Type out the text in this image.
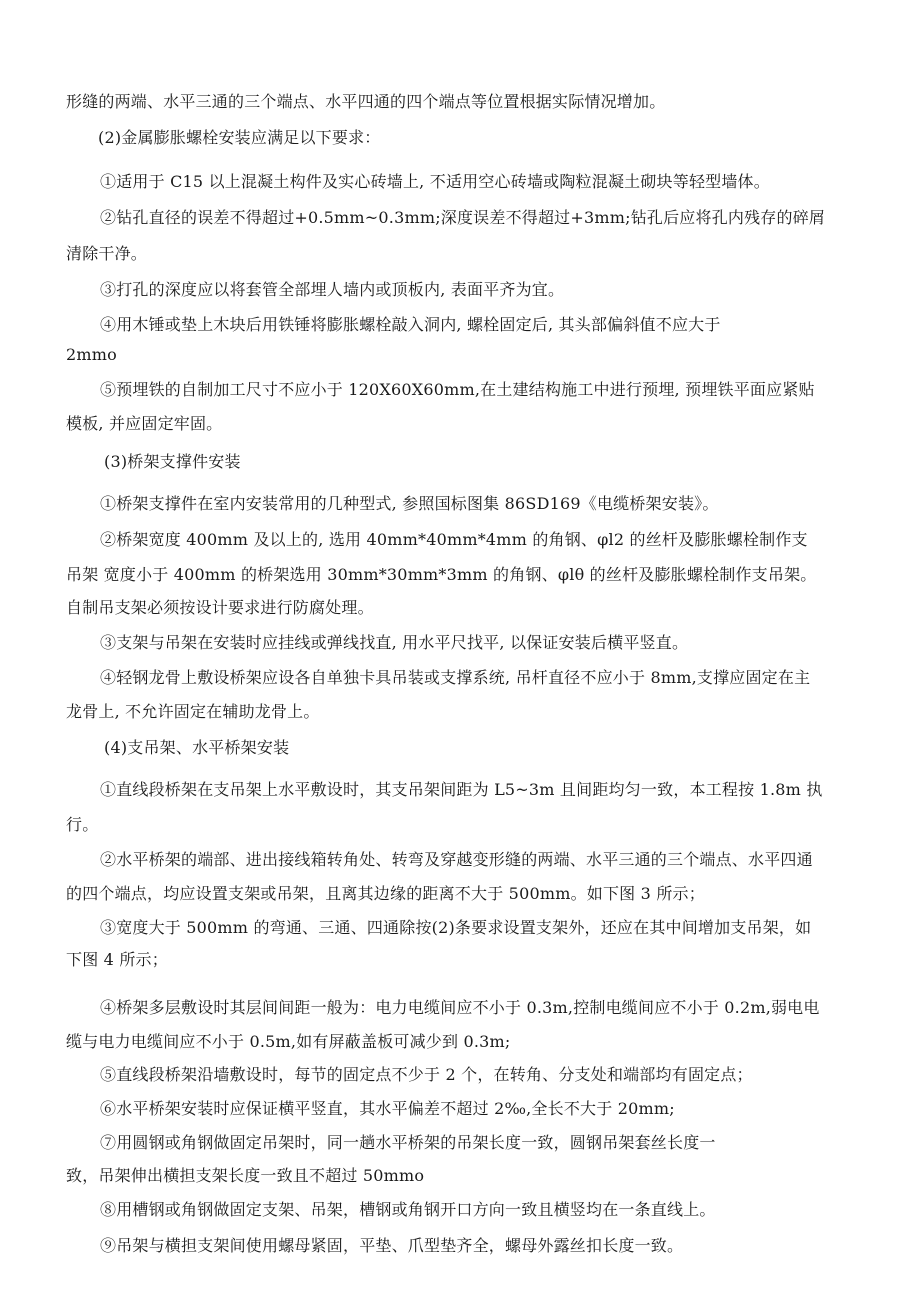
形缝的两端、水平三通的三个端点、水平四通的四个端点等位置根据实际情况增加。
(2)金属膨胀螺栓安装应满足以下要求：
①适用于 C15 以上混凝土构件及实心砖墙上, 不适用空心砖墙或陶粒混凝土砌块等轻型墙体。
②钻孔直径的误差不得超过+0.5mm~0.3mm;深度误差不得超过+3mm;钻孔后应将孔内残存的碎屑
清除干净。
③打孔的深度应以将套管全部埋人墙内或顶板内, 表面平齐为宜。
④用木锤或垫上木块后用铁锤将膨胀螺栓敲入洞内, 螺栓固定后, 其头部偏斜值不应大于
2mmo
⑤预埋铁的自制加工尺寸不应小于 120X60X60mm,在土建结构施工中进行预埋, 预埋铁平面应紧贴
模板, 并应固定牢固。
(3)桥架支撑件安装
①桥架支撑件在室内安装常用的几种型式, 参照国标图集 86SD169《电缆桥架安装》。
②桥架宽度 400mm 及以上的, 选用 40mm*40mm*4mm 的角钢、φl2 的丝杆及膨胀螺栓制作支
吊架 宽度小于 400mm 的桥架选用 30mm*30mm*3mm 的角钢、φlθ 的丝杆及膨胀螺栓制作支吊架。
自制吊支架必须按设计要求进行防腐处理。
③支架与吊架在安装时应挂线或弹线找直, 用水平尺找平, 以保证安装后横平竖直。
④轻钢龙骨上敷设桥架应设各自单独卡具吊装或支撑系统, 吊杆直径不应小于 8mm,支撑应固定在主
龙骨上, 不允许固定在辅助龙骨上。
(4)支吊架、水平桥架安装
①直线段桥架在支吊架上水平敷设时，其支吊架间距为 L5~3m 且间距均匀一致，本工程按 1.8m 执
行。
②水平桥架的端部、进出接线箱转角处、转弯及穿越变形缝的两端、水平三通的三个端点、水平四通
的四个端点，均应设置支架或吊架，且离其边缘的距离不大于 500mm。如下图 3 所示；
③宽度大于 500mm 的弯通、三通、四通除按(2)条要求设置支架外，还应在其中间增加支吊架，如
下图 4 所示；
④桥架多层敷设时其层间间距一般为：电力电缆间应不小于 0.3m,控制电缆间应不小于 0.2m,弱电电
缆与电力电缆间应不小于 0.5m,如有屏蔽盖板可减少到 0.3m;
⑤直线段桥架沿墙敷设时，每节的固定点不少于 2 个，在转角、分支处和端部均有固定点；
⑥水平桥架安装时应保证横平竖直，其水平偏差不超过 2‰,全长不大于 20mm;
⑦用圆钢或角钢做固定吊架时，同一趟水平桥架的吊架长度一致，圆钢吊架套丝长度一
致，吊架伸出横担支架长度一致且不超过 50mmo
⑧用槽钢或角钢做固定支架、吊架，槽钢或角钢开口方向一致且横竖均在一条直线上。
⑨吊架与横担支架间使用螺母紧固，平垫、爪型垫齐全，螺母外露丝扣长度一致。
